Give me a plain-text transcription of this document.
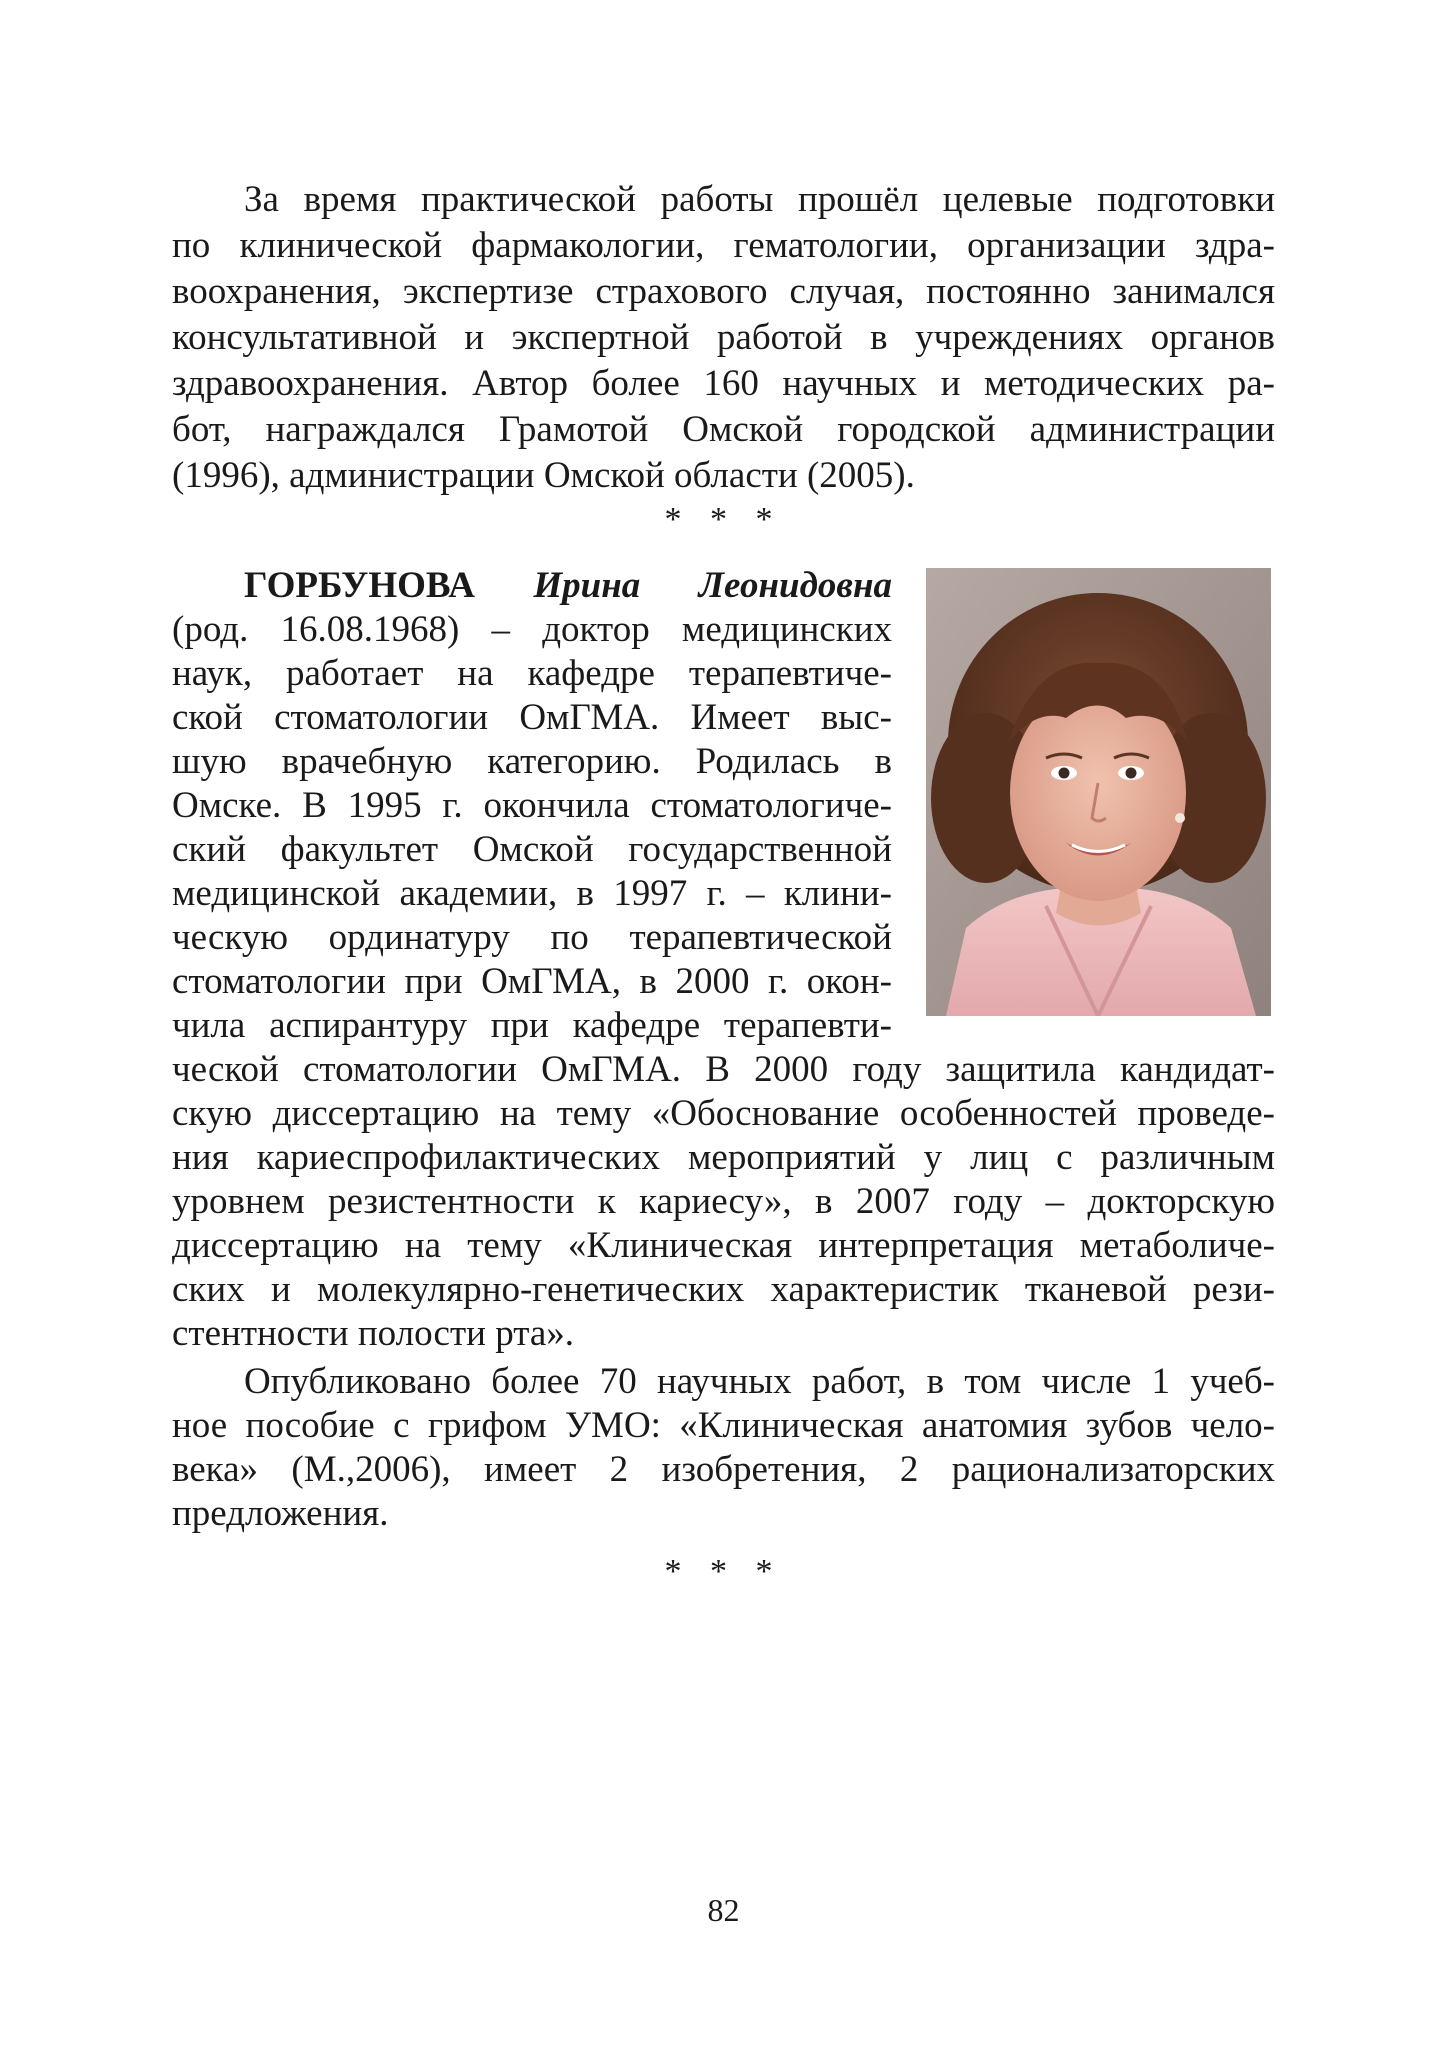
За время практической работы прошёл целевые подготовки
по клинической фармакологии, гематологии, организации здра-
воохранения, экспертизе страхового случая, постоянно занимался
консультативной и экспертной работой в учреждениях органов
здравоохранения. Автор более 160 научных и методических ра-
бот, награждался Грамотой Омской городской администрации
(1996), администрации Омской области (2005).
* * *
ГОРБУНОВА Ирина Леонидовна
(род. 16.08.1968) – доктор медицинских
наук, работает на кафедре терапевтиче-
ской стоматологии ОмГМА. Имеет выс-
шую врачебную категорию. Родилась в
Омске. В 1995 г. окончила стоматологиче-
ский факультет Омской государственной
медицинской академии, в 1997 г. – клини-
ческую ординатуру по терапевтической
стоматологии при ОмГМА, в 2000 г. окон-
чила аспирантуру при кафедре терапевти-
ческой стоматологии ОмГМА. В 2000 году защитила кандидат-
скую диссертацию на тему «Обоснование особенностей проведе-
ния кариеспрофилактических мероприятий у лиц с различным
уровнем резистентности к кариесу», в 2007 году – докторскую
диссертацию на тему «Клиническая интерпретация метаболиче-
ских и молекулярно-генетических характеристик тканевой рези-
стентности полости рта».
Опубликовано более 70 научных работ, в том числе 1 учеб-
ное пособие с грифом УМО: «Клиническая анатомия зубов чело-
века» (М.,2006), имеет 2 изобретения, 2 рационализаторских
предложения.
* * *
82
